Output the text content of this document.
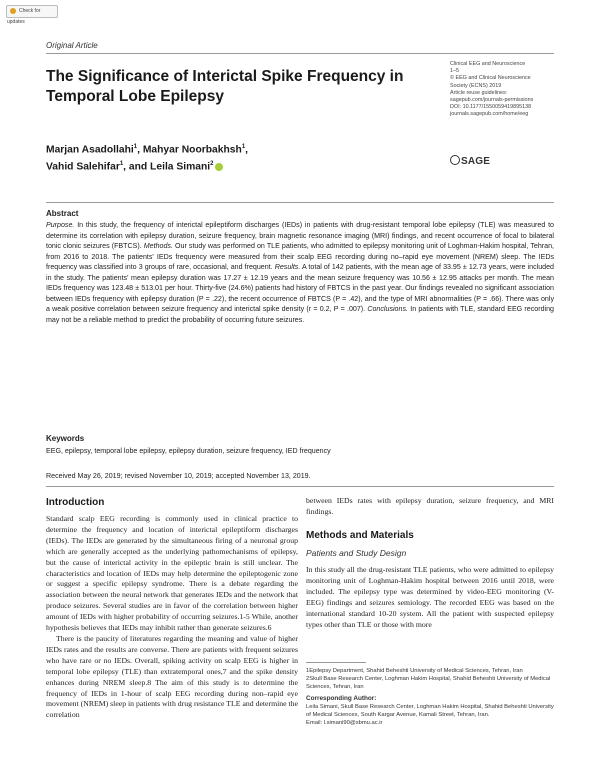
Check for updates
Original Article
The Significance of Interictal Spike Frequency in Temporal Lobe Epilepsy
Clinical EEG and Neuroscience
1–5
© EEG and Clinical Neuroscience
Society (ECNS) 2019
Article reuse guidelines:
sagepub.com/journals-permissions
DOI: 10.1177/1550059419895138
journals.sagepub.com/home/eeg
SAGE
Marjan Asadollahi$^1$, Mahyar Noorbakhsh$^1$,
Vahid Salehifar$^1$, and Leila Simani$^2$
Abstract
Purpose. In this study, the frequency of interictal epileptiform discharges (IEDs) in patients with drug-resistant temporal lobe epilepsy (TLE) was measured to determine its correlation with epilepsy duration, seizure frequency, brain magnetic resonance imaging (MRI) findings, and recent occurrence of focal to bilateral tonic clonic seizures (FBTCS). Methods. Our study was performed on TLE patients, who admitted to epilepsy monitoring unit of Loghman-Hakim hospital, Tehran, from 2016 to 2018. The patients' IEDs frequency were measured from their scalp EEG recording during no–rapid eye movement (NREM) sleep. The IEDs frequency was classified into 3 groups of rare, occasional, and frequent. Results. A total of 142 patients, with the mean age of 33.95 ± 12.73 years, were included in the study. The patients' mean epilepsy duration was 17.27 ± 12.19 years and the mean seizure frequency was 10.56 ± 12.95 attacks per month. The mean IEDs frequency was 123.48 ± 513.01 per hour. Thirty-five (24.6%) patients had history of FBTCS in the past year. Our findings revealed no significant association between IEDs frequency with epilepsy duration (P = .22), the recent occurrence of FBTCS (P = .42), and the type of MRI abnormalities (P = .66). There was only a weak positive correlation between seizure frequency and interictal spike density (r = 0.2, P = .007). Conclusions. In patients with TLE, standard EEG recording may not be a reliable method to predict the probability of occurring future seizures.
Keywords
EEG, epilepsy, temporal lobe epilepsy, epilepsy duration, seizure frequency, IED frequency
Received May 26, 2019; revised November 10, 2019; accepted November 13, 2019.
Introduction
Standard scalp EEG recording is commonly used in clinical practice to determine the frequency and location of interictal epileptiform discharges (IEDs). The IEDs are generated by the simultaneous firing of a neuronal group which are generally accepted as the underlying pathomechanisms of epilepsy, but the cause of interictal activity in the epileptic brain is still unclear. The characteristics and location of IEDs may help determine the epileptogenic zone or suggest a specific epilepsy syndrome. There is a debate regarding the association between the neural network that generates IEDs and the network that produce seizures. Several studies are in favor of the correlation between higher amount of IEDs with higher probability of occurring seizures.1-5 While, another hypothesis believes that IEDs may inhibit rather than generate seizures.6
There is the paucity of literatures regarding the meaning and value of higher IEDs rates and the results are converse. There are patients with frequent seizures who have rare or no IEDs. Overall, spiking activity on scalp EEG is higher in temporal lobe epilepsy (TLE) than extratemporal ones,7 and the spike density enhances during NREM sleep.8 The aim of this study is to determine the frequency of IEDs in 1-hour of scalp EEG recording during non–rapid eye movement (NREM) sleep in patients with drug resistance TLE and determine the correlation
between IEDs rates with epilepsy duration, seizure frequency, and MRI findings.
Methods and Materials
Patients and Study Design
In this study all the drug-resistant TLE patients, who were admitted to epilepsy monitoring unit of Loghman-Hakim hospital between 2016 until 2018, were included. The epilepsy type was determined by video-EEG monitoring (V-EEG) findings and seizures semiology. The recorded EEG was based on the international standard 10-20 system. All the patient with suspected epilepsy types other than TLE or those with more

1Epilepsy Department, Shahid Beheshti University of Medical Sciences, Tehran, Iran

2Skull Base Research Center, Loghman Hakim Hospital, Shahid Beheshti University of Medical Sciences, Tehran, Iran

Corresponding Author:

Leila Simani, Skull Base Research Center, Loghman Hakim Hospital, Shahid Beheshti University of Medical Sciences, South Kargar Avenue, Kamali Street, Tehran, Iran.

Email: l.simani90@sbmu.ac.ir
